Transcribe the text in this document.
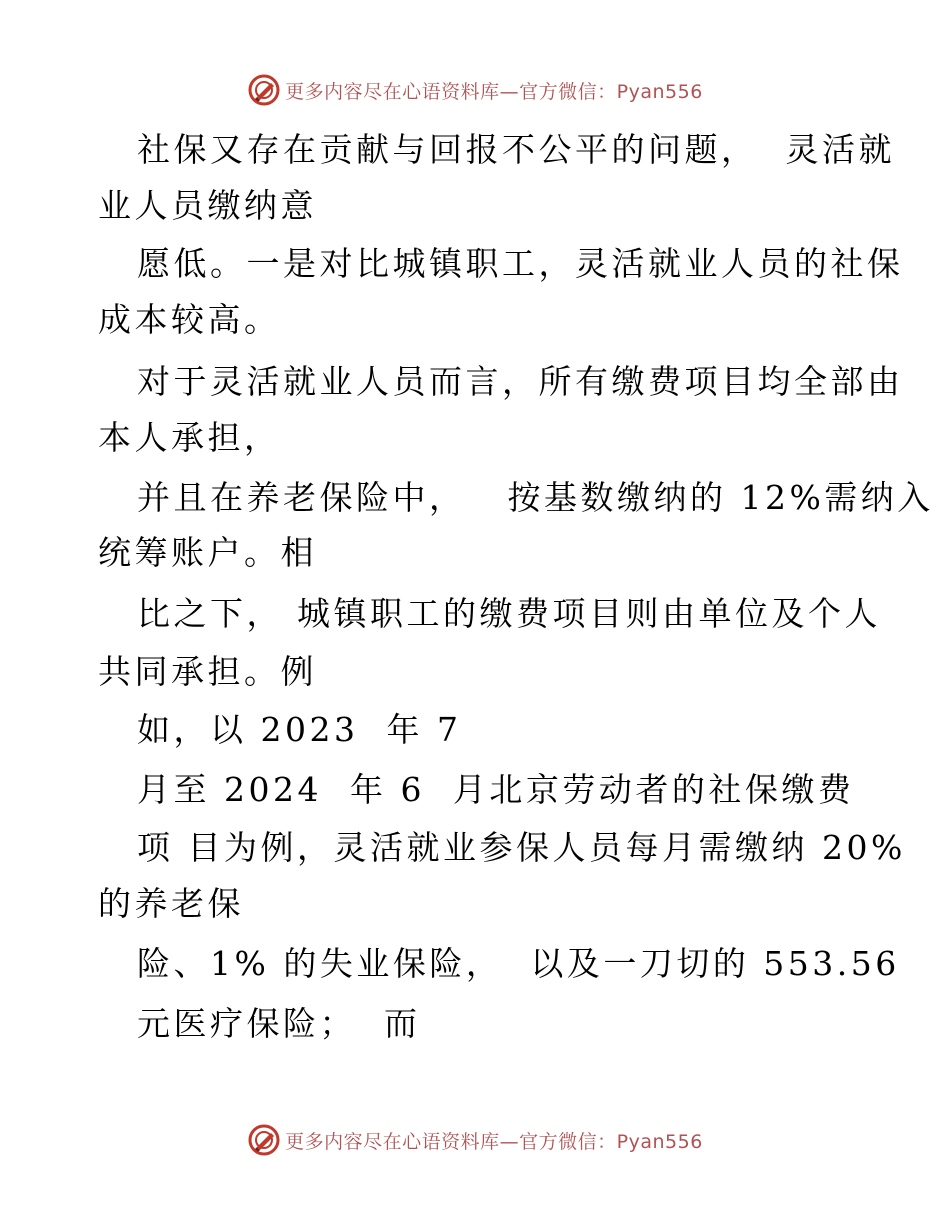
更多内容尽在心语资料库—官方微信：Pyan556
社保又存在贡献与回报不公平的问题，  灵活就
业人员缴纳意
愿低。一是对比城镇职工，灵活就业人员的社保
成本较高。
对于灵活就业人员而言，所有缴费项目均全部由
本人承担，
并且在养老保险中，   按基数缴纳的 12%需纳入
统筹账户。相
比之下， 城镇职工的缴费项目则由单位及个人
共同承担。例
如，以 2023  年 7
月至 2024  年 6  月北京劳动者的社保缴费
项 目为例，灵活就业参保人员每月需缴纳 20%
的养老保
险、1% 的失业保险，  以及一刀切的 553.56
元医疗保险；  而
更多内容尽在心语资料库—官方微信：Pyan556
